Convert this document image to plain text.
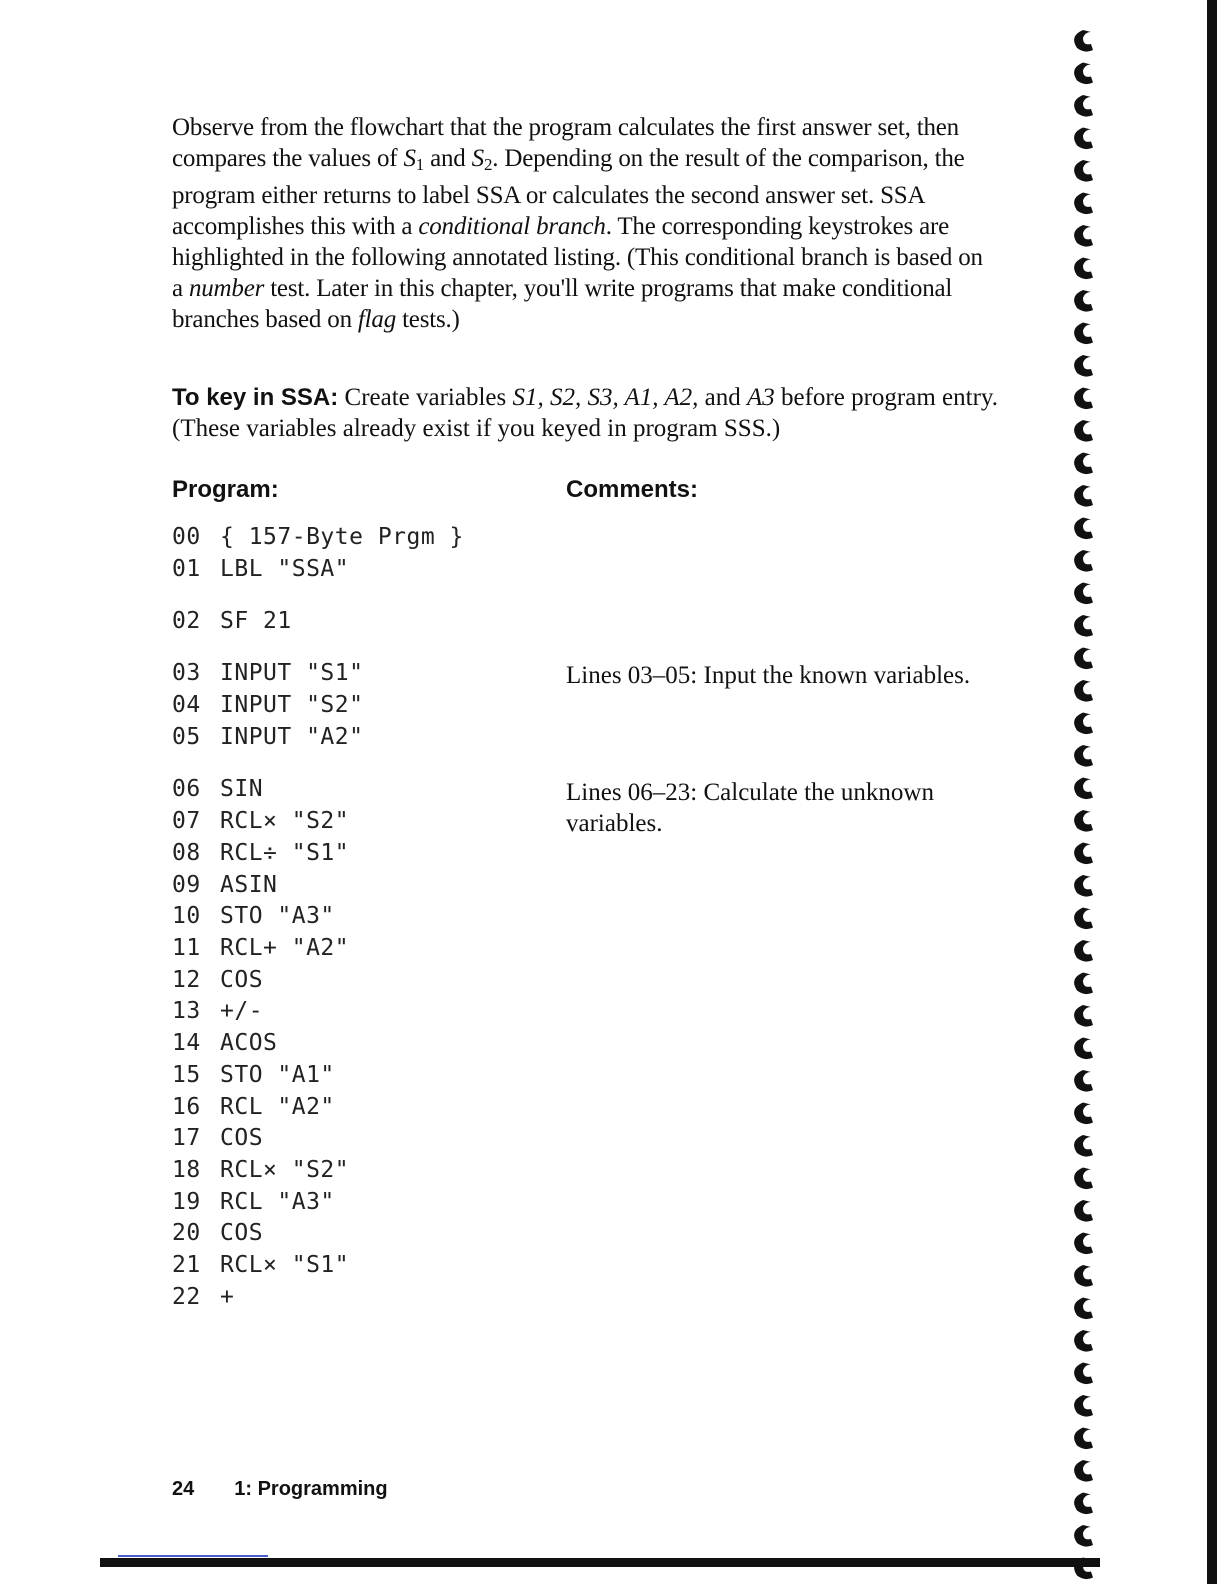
Observe from the flowchart that the program calculates the first answer set, then compares the values of $S_1$ and $S_2$. Depending on the result of the comparison, the program either returns to label SSA or calculates the second answer set. SSA accomplishes this with a conditional branch. The corresponding keystrokes are highlighted in the following annotated listing. (This conditional branch is based on a number test. Later in this chapter, you'll write programs that make conditional branches based on flag tests.)

To key in SSA: Create variables S1, S2, S3, A1, A2, and A3 before program entry. (These variables already exist if you keyed in program SSS.)
Program:	Comments:
00 { 157-Byte Prgm }
01 LBL "SSA"
02 SF 21
03 INPUT "S1"
04 INPUT "S2"
05 INPUT "A2"
06 SIN
07 RCL× "S2"
08 RCL÷ "S1"
09 ASIN
10 STO "A3"
11 RCL+ "A2"
12 COS
13 +/-
14 ACOS
15 STO "A1"
16 RCL "A2"
17 COS
18 RCL× "S2"
19 RCL "A3"
20 COS
21 RCL× "S1"
22 +
Lines 03–05: Input the known variables.
Lines 06–23: Calculate the unknown variables.
24 1: Programming
